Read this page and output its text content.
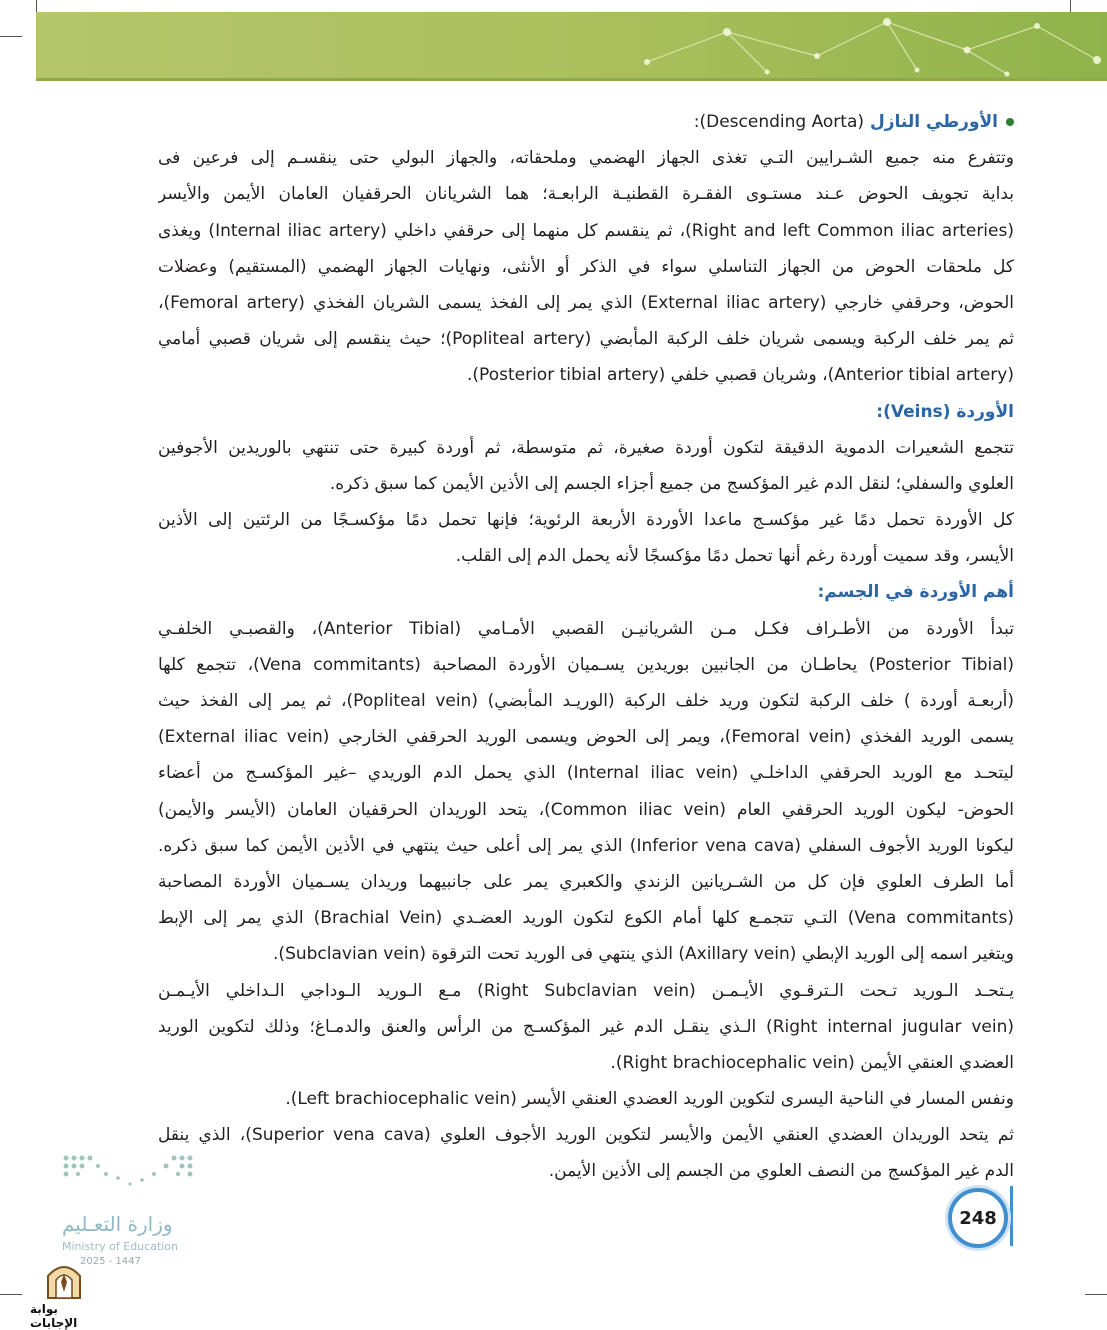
الأورطي النازل (Descending Aorta):
وتتفرع منه جميع الشـرايين التـي تغذى الجهاز الهضمي وملحقاته، والجهاز البولي حتى ينقسـم إلى فرعين فى
بداية تجويف الحوض عـند مستـوى الفقـرة القطنيـة الرابعـة؛ هما الشريانان الحرقفيان العامان الأيمن والأيسر
(Right and left Common iliac arteries)، ثم ينقسم كل منهما إلى حرقفي داخلي (Internal iliac artery) ويغذى
كل ملحقات الحوض من الجهاز التناسلي سواء في الذكر أو الأنثى، ونهايات الجهاز الهضمي (المستقيم) وعضلات
الحوض، وحرقفي خارجي (External iliac artery) الذي يمر إلى الفخذ يسمى الشريان الفخذي (Femoral artery)،
ثم يمر خلف الركبة ويسمى شريان خلف الركبة المأبضي (Popliteal artery)؛ حيث ينقسم إلى شريان قصبي أمامي
(Anterior tibial artery)، وشريان قصبي خلفي (Posterior tibial artery).
الأوردة (Veins):
تتجمع الشعيرات الدموية الدقيقة لتكون أوردة صغيرة، ثم متوسطة، ثم أوردة كبيرة حتى تنتهي بالوريدين الأجوفين
العلوي والسفلي؛ لنقل الدم غير المؤكسج من جميع أجزاء الجسم إلى الأذين الأيمن كما سبق ذكره.
كل الأوردة تحمل دمًا غير مؤكسـج ماعدا الأوردة الأربعة الرئوية؛ فإنها تحمل دمًا مؤكسـجًا من الرئتين إلى الأذين
الأيسر، وقد سميت أوردة رغم أنها تحمل دمًا مؤكسجًا لأنه يحمل الدم إلى القلب.
أهم الأوردة في الجسم:
تبدأ الأوردة من الأطـراف فكـل مـن الشريانيـن القصبي الأمـامي (Anterior Tibial)، والقصبـي الخلفـي
(Posterior Tibial) يحاطـان من الجانبين بوريدين يسـميان الأوردة المصاحبة (Vena commitants)، تتجمع كلها
(أربعـة أوردة ) خلف الركبة لتكون وريد خلف الركبة (الوريـد المأبضي) (Popliteal vein)، ثم يمر إلى الفخذ حيث
يسمى الوريد الفخذي (Femoral vein)، ويمر إلى الحوض ويسمى الوريد الحرقفي الخارجي (External iliac vein)
ليتحـد مع الوريد الحرقفي الداخلـي (Internal iliac vein) الذي يحمل الدم الوريدي –غير المؤكسـج من أعضاء
الحوض- ليكون الوريد الحرقفي العام (Common iliac vein)، يتحد الوريدان الحرقفيان العامان (الأيسر والأيمن)
ليكونا الوريد الأجوف السفلي (Inferior vena cava) الذي يمر إلى أعلى حيث ينتهي في الأذين الأيمن كما سبق ذكره.
أما الطرف العلوي فإن كل من الشـريانين الزندي والكعبري يمر على جانبيهما وريدان يسـميان الأوردة المصاحبة
(Vena commitants) التـي تتجمـع كلها أمام الكوع لتكون الوريد العضـدي (Brachial Vein) الذي يمر إلى الإبط
ويتغير اسمه إلى الوريد الإبطي (Axillary vein) الذي ينتهي فى الوريد تحت الترقوة (Subclavian vein).
يـتحـد الـوريد تـحت الـترقـوي الأيـمـن (Right Subclavian vein) مـع الـوريد الـوداجي الـداخلي الأيـمـن
(Right internal jugular vein) الـذي ينقـل الدم غير المؤكسـج من الرأس والعنق والدمـاغ؛ وذلك لتكوين الوريد
العضدي العنقي الأيمن (Right brachiocephalic vein).
ونفس المسار في الناحية اليسرى لتكوين الوريد العضدي العنقي الأيسر (Left brachiocephalic vein).
ثم يتحد الوريدان العضدي العنقي الأيمن والأيسر لتكوين الوريد الأجوف العلوي (Superior vena cava)، الذي ينقل
الدم غير المؤكسج من النصف العلوي من الجسم إلى الأذين الأيمن.
248
وزارة التعـليم
Ministry of Education
2025 - 1447
بوابة الإجابات
